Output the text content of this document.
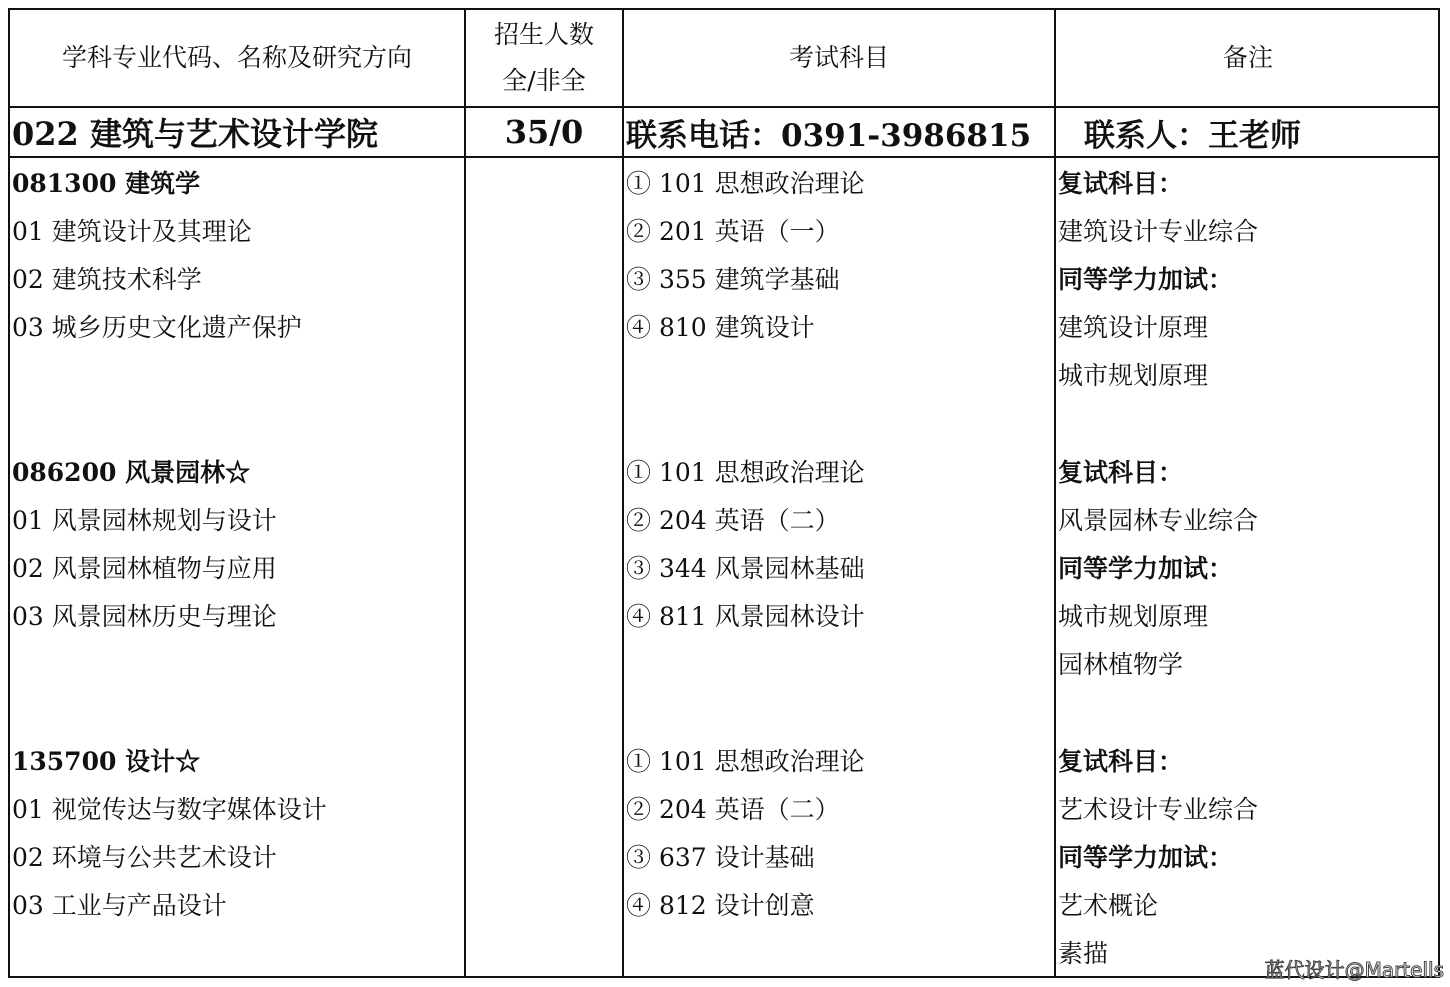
学科专业代码、名称及研究方向
招生人数
全/非全
考试科目	备注
022 建筑与艺术设计学院	35/0 联系电话：0391-3986815 联系人：王老师
081300 建筑学
01 建筑设计及其理论
02 建筑技术科学
03 城乡历史文化遗产保护
① 101 思想政治理论
② 201 英语（一）
③ 355 建筑学基础
④ 810 建筑设计
复试科目：
建筑设计专业综合
同等学力加试：
建筑设计原理
城市规划原理
086200 风景园林☆
01 风景园林规划与设计
02 风景园林植物与应用
03 风景园林历史与理论
① 101 思想政治理论
② 204 英语（二）
③ 344 风景园林基础
④ 811 风景园林设计
复试科目：
风景园林专业综合
同等学力加试：
城市规划原理
园林植物学
135700 设计☆
01 视觉传达与数字媒体设计
02 环境与公共艺术设计
03 工业与产品设计
① 101 思想政治理论
② 204 英语（二）
③ 637 设计基础
④ 812 设计创意
复试科目：
艺术设计专业综合
同等学力加试：
艺术概论
素描
蓝代设计@Martells
